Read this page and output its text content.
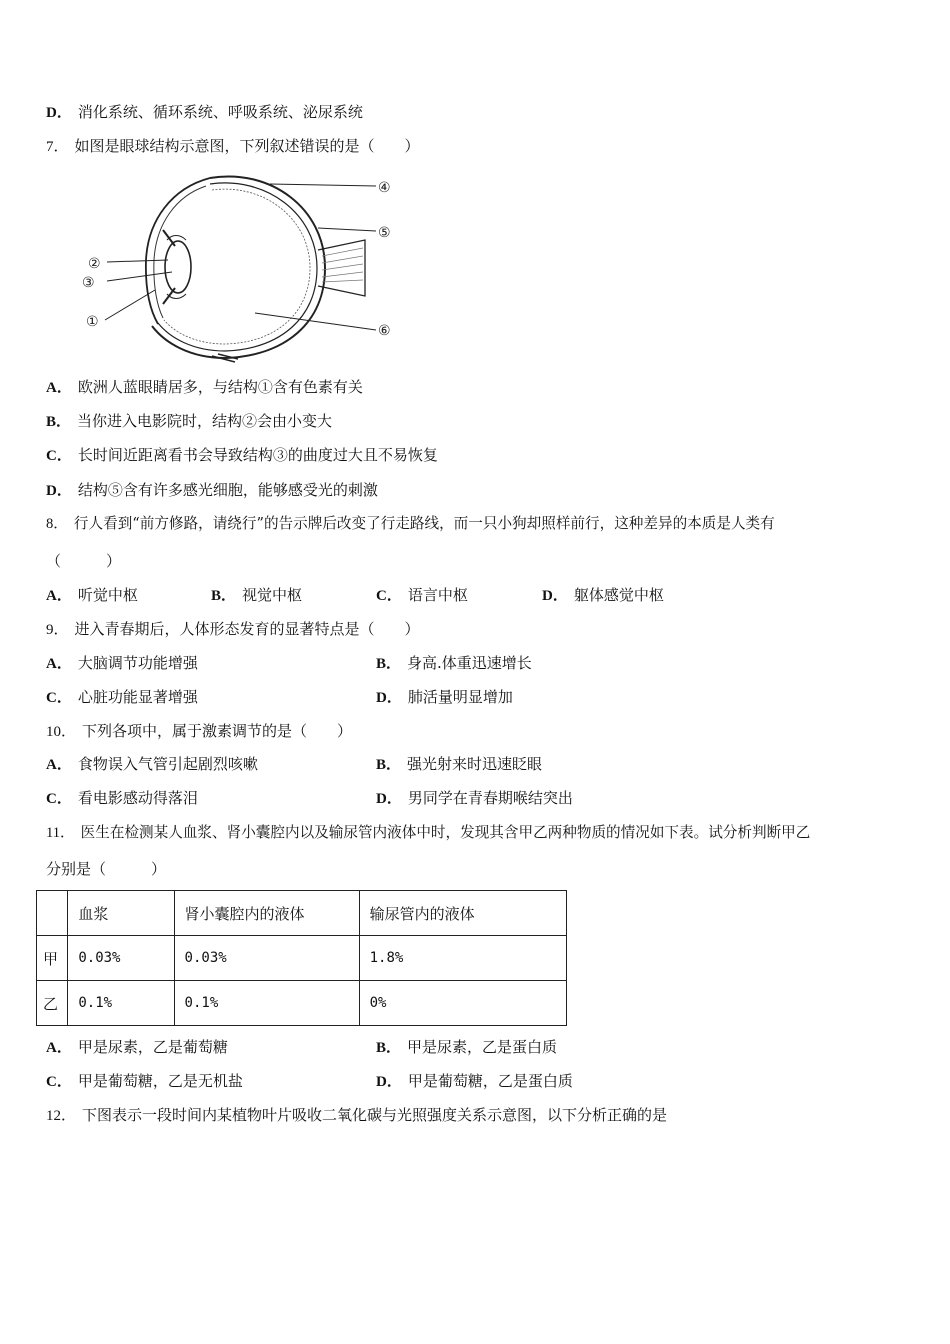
D． 消化系统、循环系统、呼吸系统、泌尿系统
7． 如图是眼球结构示意图，下列叙述错误的是（　　）
①
②
③
④
⑤
⑥
A． 欧洲人蓝眼睛居多，与结构①含有色素有关
B． 当你进入电影院时，结构②会由小变大
C． 长时间近距离看书会导致结构③的曲度过大且不易恢复
D． 结构⑤含有许多感光细胞，能够感受光的刺激
8． 行人看到“前方修路，请绕行”的告示牌后改变了行走路线，而一只小狗却照样前行，这种差异的本质是人类有
（　　　）
A． 听觉中枢	B． 视觉中枢	C． 语言中枢	D． 躯体感觉中枢
9． 进入青春期后，人体形态发育的显著特点是（　　）
A． 大脑调节功能增强	B． 身高.体重迅速增长
C． 心脏功能显著增强	D． 肺活量明显增加
10． 下列各项中，属于激素调节的是（　　）
A． 食物误入气管引起剧烈咳嗽	B． 强光射来时迅速眨眼
C． 看电影感动得落泪	D． 男同学在青春期喉结突出
11． 医生在检测某人血浆、肾小囊腔内以及输尿管内液体中时，发现其含甲乙两种物质的情况如下表。试分析判断甲乙
分别是（　　　）
	血浆	肾小囊腔内的液体	输尿管内的液体
甲	0.03%	0.03%	1.8%
乙	0.1%	0.1%	0%
A． 甲是尿素，乙是葡萄糖	B． 甲是尿素，乙是蛋白质
C． 甲是葡萄糖，乙是无机盐	D． 甲是葡萄糖，乙是蛋白质
12． 下图表示一段时间内某植物叶片吸收二氧化碳与光照强度关系示意图，以下分析正确的是
